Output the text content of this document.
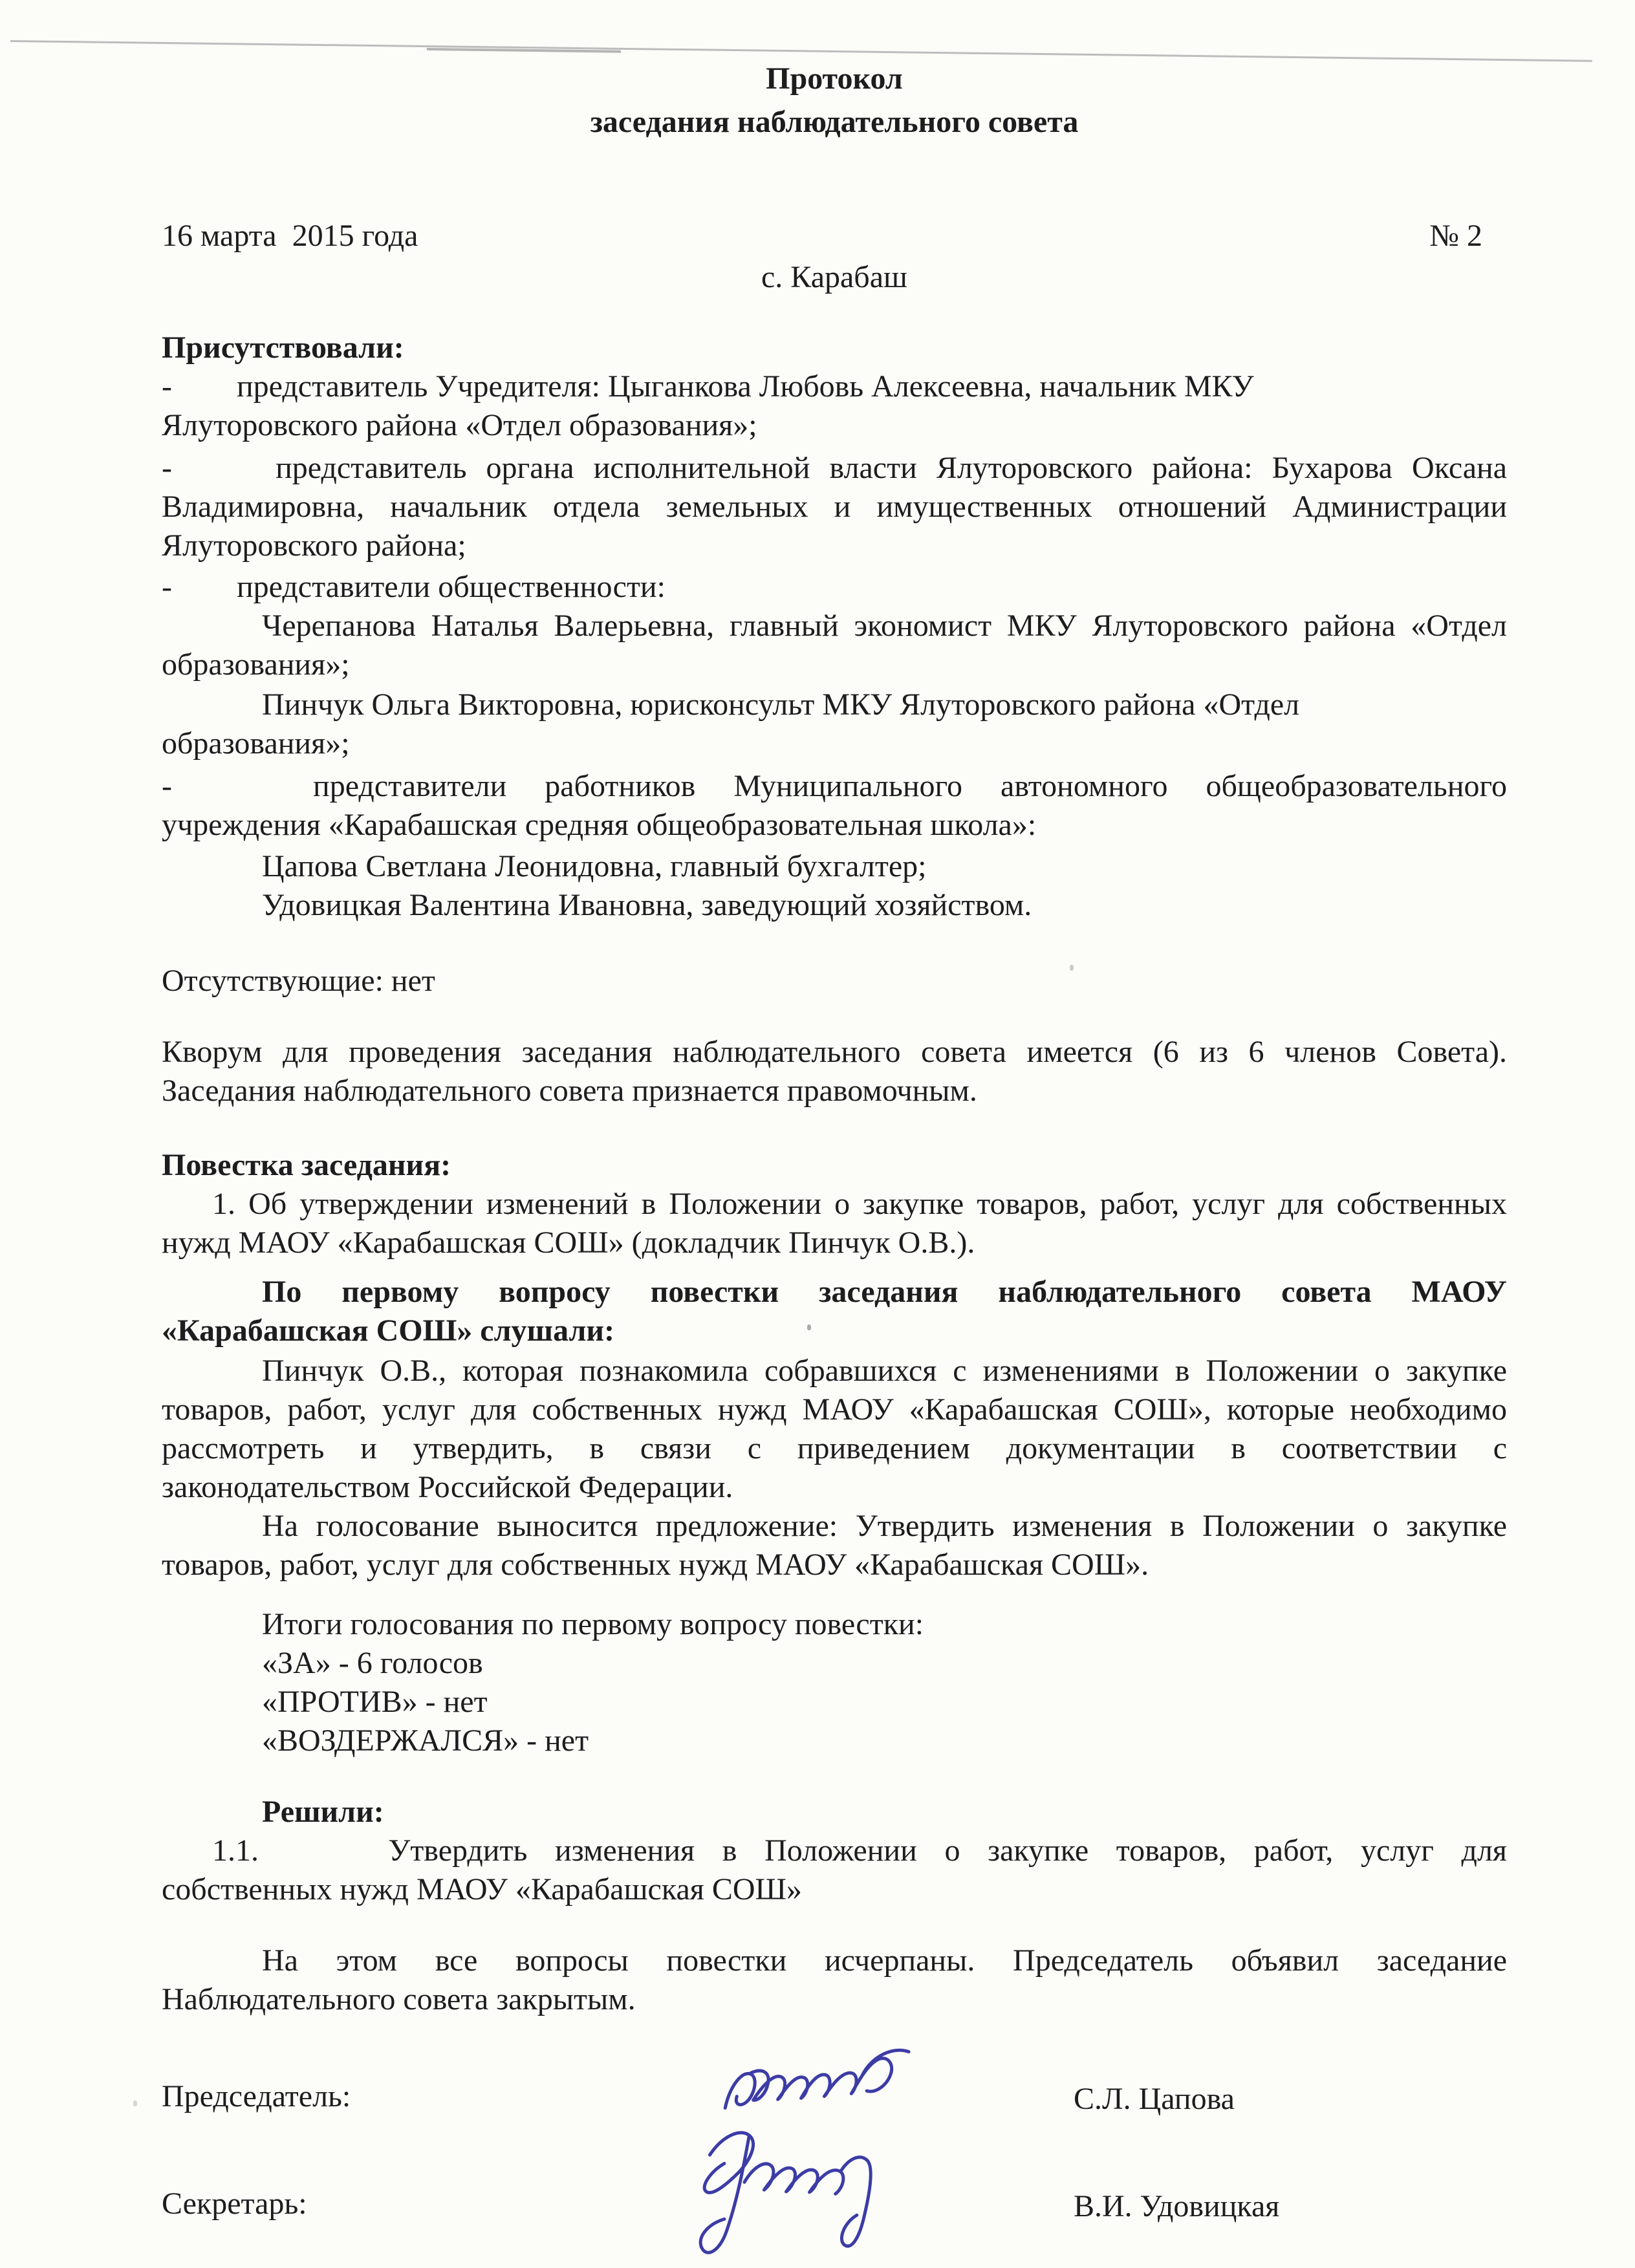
Протокол
заседания наблюдательного совета
16 марта  2015 года	№ 2
с. Карабаш
Присутствовали:
- представитель Учредителя: Цыганкова Любовь Алексеевна, начальник МКУ
Ялуторовского района «Отдел образования»;
-	представитель органа исполнительной власти Ялуторовского района: Бухарова Оксана
Владимировна, начальник отдела земельных и имущественных отношений Администрации
Ялуторовского района;
- представители общественности:
Черепанова Наталья Валерьевна, главный экономист МКУ Ялуторовского района «Отдел
образования»;
Пинчук Ольга Викторовна, юрисконсульт МКУ Ялуторовского района «Отдел
образования»;
-	представители работников Муниципального автономного общеобразовательного
учреждения «Карабашская средняя общеобразовательная школа»:
Цапова Светлана Леонидовна, главный бухгалтер;
Удовицкая Валентина Ивановна, заведующий хозяйством.
Отсутствующие: нет
Кворум для проведения заседания наблюдательного совета имеется (6 из 6 членов Совета).
Заседания наблюдательного совета признается правомочным.
Повестка заседания:
1. Об утверждении изменений в Положении о закупке товаров, работ, услуг для собственных
нужд МАОУ «Карабашская СОШ» (докладчик Пинчук О.В.).
По первому вопросу повестки заседания наблюдательного совета МАОУ
«Карабашская СОШ» слушали:
Пинчук О.В., которая познакомила собравшихся с изменениями в Положении о закупке
товаров, работ, услуг для собственных нужд МАОУ «Карабашская СОШ», которые необходимо
рассмотреть и утвердить, в связи с приведением документации в соответствии с
законодательством Российской Федерации.
На голосование выносится предложение: Утвердить изменения в Положении о закупке
товаров, работ, услуг для собственных нужд МАОУ «Карабашская СОШ».
Итоги голосования по первому вопросу повестки:
«ЗА» - 6 голосов
«ПРОТИВ» - нет
«ВОЗДЕРЖАЛСЯ» - нет
Решили:
1.1.	Утвердить изменения в Положении о закупке товаров, работ, услуг для
собственных нужд МАОУ «Карабашская СОШ»
На этом все вопросы повестки исчерпаны. Председатель объявил заседание
Наблюдательного совета закрытым.
Председатель:	С.Л. Цапова
Секретарь:	В.И. Удовицкая
